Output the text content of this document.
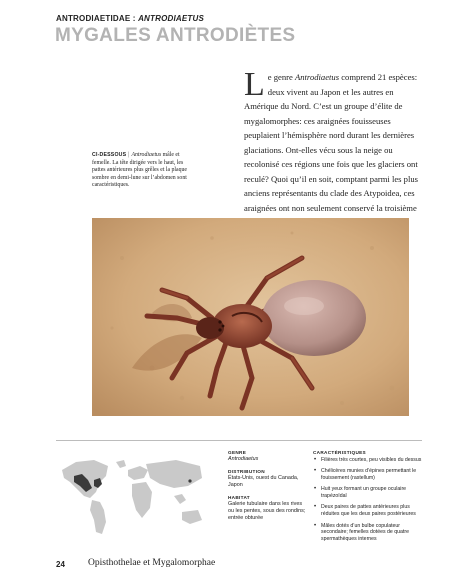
ANTRODIAETIDAE : ANTRODIAETUS
MYGALES ANTRODIÈTES

Le genre Antrodiaetus comprend 21 espèces: deux vivent au Japon et les autres en Amérique du Nord. C’est un groupe d’élite de mygalomorphes: ces araignées fouisseuses peuplaient l’hémisphère nord durant les dernières glaciations. Ont-elles vécu sous la neige ou recolonisé ces régions une fois que les glaciers ont reculé? Quoi qu’il en soit, comptant parmi les plus anciens représentants du clade des Atypoidea, ces araignées ont non seulement conservé la troisième

CI-DESSOUS | Antrodiaetus mâle et femelle. La tête dirigée vers le haut, les pattes antérieures plus grêles et la plaque sombre en demi-lune sur l’abdomen sont caractéristiques.

GENRE

Antrodiaetus

DISTRIBUTION

États-Unis, ouest du Canada, Japon

HABITAT

Galerie tubulaire dans les rives ou les pentes, sous des rondins; entrée obturée

CARACTÉRISTIQUES

• Filières très courtes, peu visibles du dessus
• Chélicères munies d’épines permettant le fouissement (rastellum)
• Huit yeux formant un groupe oculaire trapézoïdal
• Deux paires de pattes antérieures plus réduites que les deux paires postérieures
• Mâles dotés d’un bulbe copulateur secondaire; femelles dotées de quatre spermathèques internes
24 Opisthothelae et Mygalomorphae
